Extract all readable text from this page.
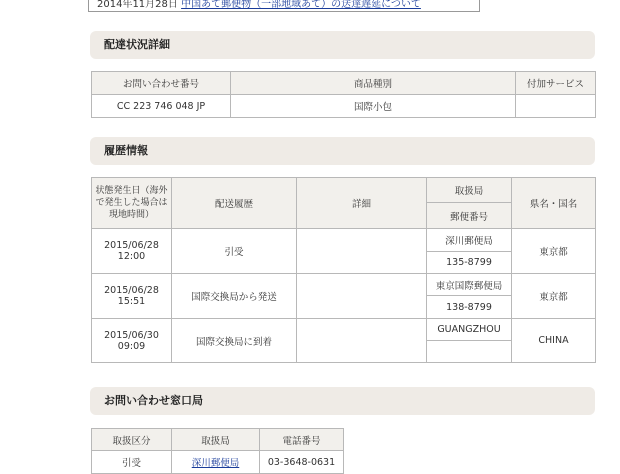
2014年11月28日 中国あて郵便物（一部地域あて）の送達遅延について
配達状況詳細
お問い合わせ番号	商品種別	付加サービス
CC 223 746 048 JP	国際小包	
履歴情報
状態発生日（海外で発生した場合は現地時間）	配送履歴	詳細	取扱局	県名・国名
			郵便番号	
2015/06/28 12:00	引受		深川郵便局	東京都
			135-8799	
2015/06/28 15:51	国際交換局から発送		東京国際郵便局	東京都
			138-8799	
2015/06/30 09:09	国際交換局に到着		GUANGZHOU	CHINA

お問い合わせ窓口局
取扱区分	取扱局	電話番号
引受	深川郵便局	03-3648-0631
